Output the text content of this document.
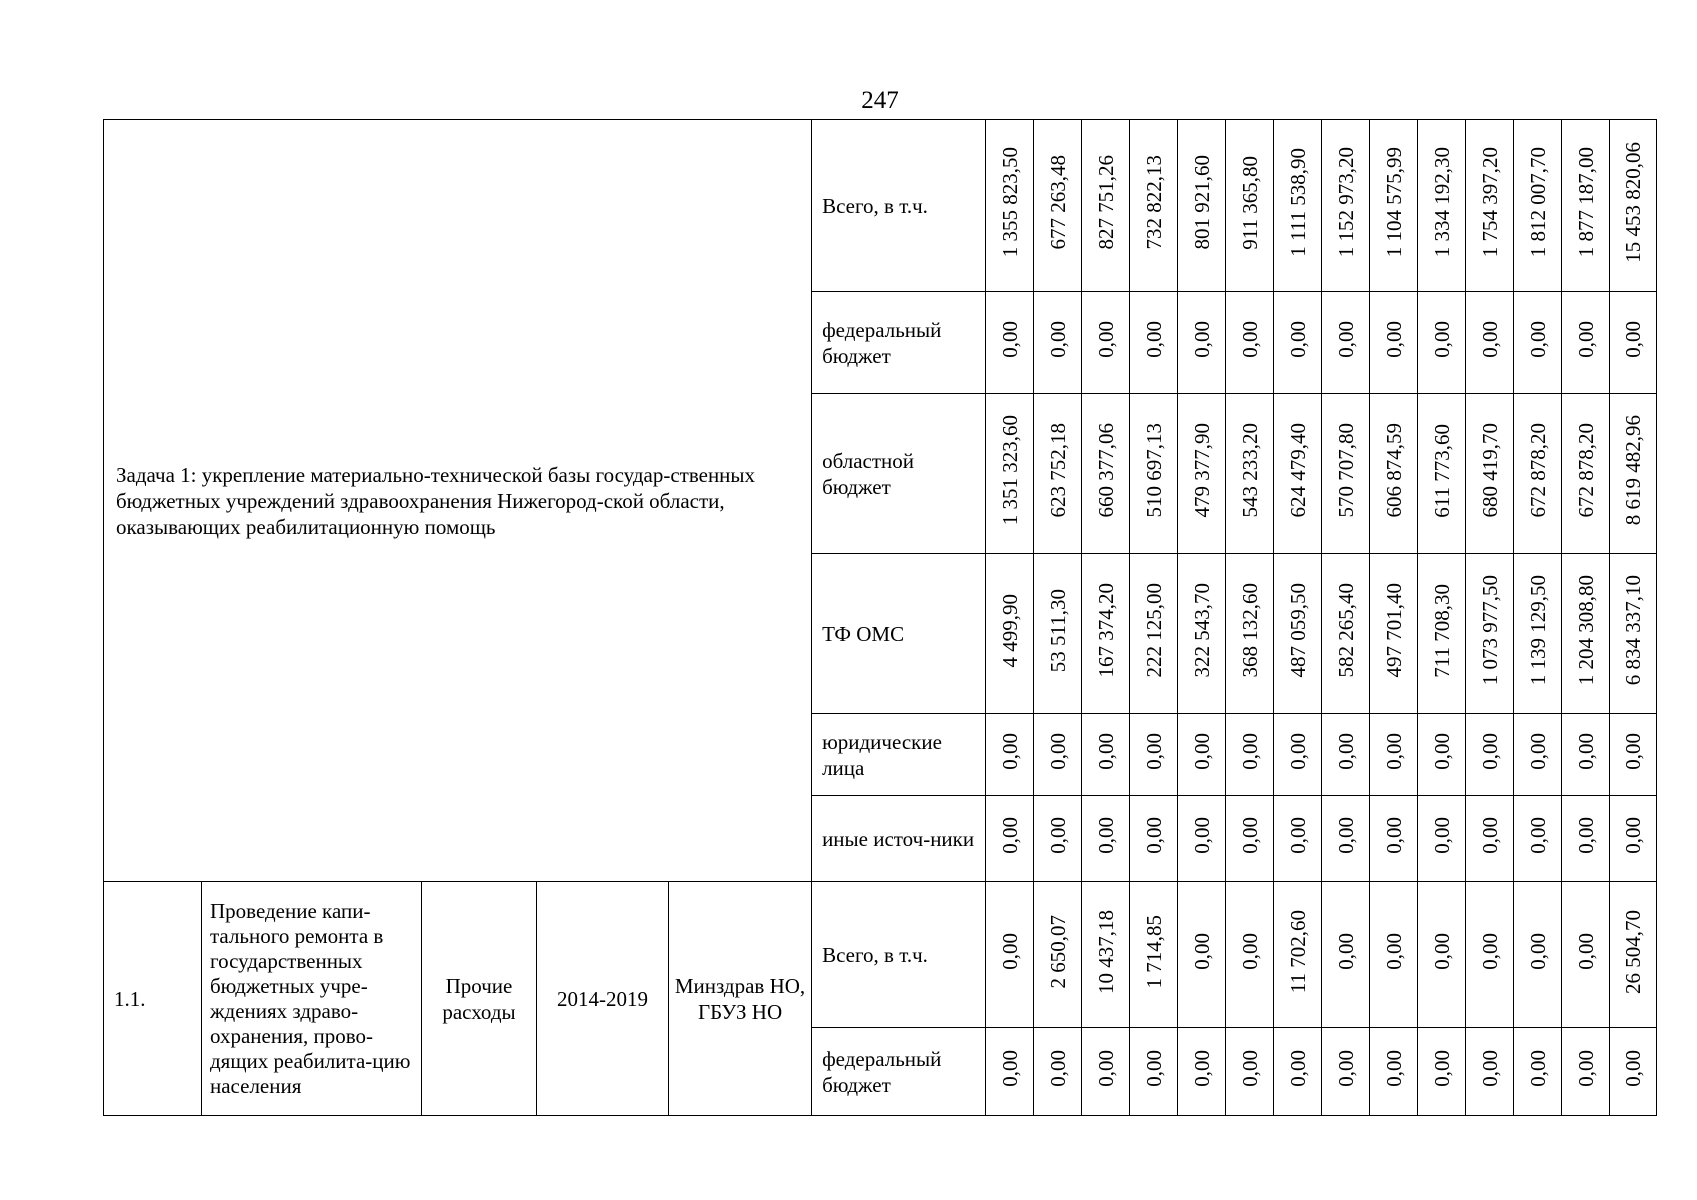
247
Задача 1: укрепление материально-технической базы государ-ственных бюджетных учреждений здравоохранения Нижегород-ской области, оказывающих реабилитационную помощь					Всего, в т.ч.	1 355 823,50	677 263,48	827 751,26	732 822,13	801 921,60	911 365,80	1 111 538,90	1 152 973,20	1 104 575,99	1 334 192,30	1 754 397,20	1 812 007,70	1 877 187,00	15 453 820,06
					федеральный бюджет	0,00	0,00	0,00	0,00	0,00	0,00	0,00	0,00	0,00	0,00	0,00	0,00	0,00	0,00
					областной бюджет	1 351 323,60	623 752,18	660 377,06	510 697,13	479 377,90	543 233,20	624 479,40	570 707,80	606 874,59	611 773,60	680 419,70	672 878,20	672 878,20	8 619 482,96
					ТФ ОМС	4 499,90	53 511,30	167 374,20	222 125,00	322 543,70	368 132,60	487 059,50	582 265,40	497 701,40	711 708,30	1 073 977,50	1 139 129,50	1 204 308,80	6 834 337,10
					юридические лица	0,00	0,00	0,00	0,00	0,00	0,00	0,00	0,00	0,00	0,00	0,00	0,00	0,00	0,00
					иные источ-ники	0,00	0,00	0,00	0,00	0,00	0,00	0,00	0,00	0,00	0,00	0,00	0,00	0,00	0,00
1.1.	Проведение капи-тального ремонта в государственных бюджетных учре-ждениях здраво-охранения, прово-дящих реабилита-цию населения	Прочие расходы	2014-2019	Минздрав НО, ГБУЗ НО	Всего, в т.ч.	0,00	2 650,07	10 437,18	1 714,85	0,00	0,00	11 702,60	0,00	0,00	0,00	0,00	0,00	0,00	26 504,70
					федеральный бюджет	0,00	0,00	0,00	0,00	0,00	0,00	0,00	0,00	0,00	0,00	0,00	0,00	0,00	0,00
